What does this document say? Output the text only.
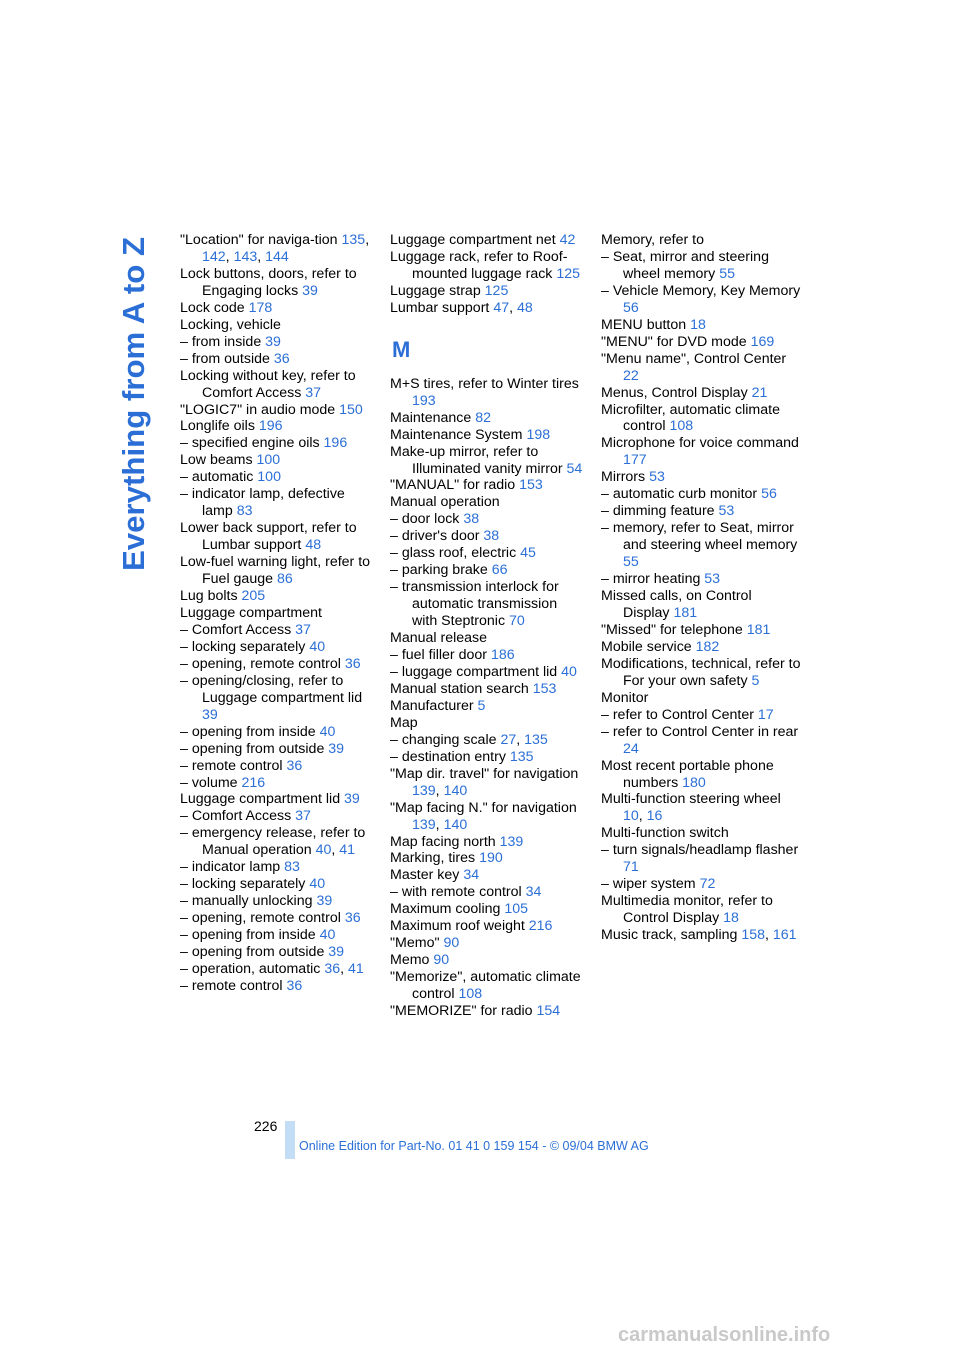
Everything from A to Z "Location" for naviga-tion 135, 142, 143, 144
Lock buttons, doors, refer to Engaging locks 39
Lock code 178
Locking, vehicle
– from inside 39
– from outside 36
Locking without key, refer to Comfort Access 37
"LOGIC7" in audio mode 150
Longlife oils 196
– specified engine oils 196
Low beams 100
– automatic 100
– indicator lamp, defective lamp 83
Lower back support, refer to Lumbar support 48
Low-fuel warning light, refer to Fuel gauge 86
Lug bolts 205
Luggage compartment
– Comfort Access 37
– locking separately 40
– opening, remote control 36
– opening/closing, refer to Luggage compartment lid 39
– opening from inside 40
– opening from outside 39
– remote control 36
– volume 216
Luggage compartment lid 39
– Comfort Access 37
– emergency release, refer to Manual operation 40, 41
– indicator lamp 83
– locking separately 40
– manually unlocking 39
– opening, remote control 36
– opening from inside 40
– opening from outside 39
– operation, automatic 36, 41
– remote control 36
Luggage compartment net 42
Luggage rack, refer to Roof-mounted luggage rack 125
Luggage strap 125
Lumbar support 47, 48
M
M+S tires, refer to Winter tires 193
Maintenance 82
Maintenance System 198
Make-up mirror, refer to Illuminated vanity mirror 54
"MANUAL" for radio 153
Manual operation
– door lock 38
– driver's door 38
– glass roof, electric 45
– parking brake 66
– transmission interlock for automatic transmission with Steptronic 70
Manual release
– fuel filler door 186
– luggage compartment lid 40
Manual station search 153
Manufacturer 5
Map
– changing scale 27, 135
– destination entry 135
"Map dir. travel" for navigation 139, 140
"Map facing N." for navigation 139, 140
Map facing north 139
Marking, tires 190
Master key 34
– with remote control 34
Maximum cooling 105
Maximum roof weight 216
"Memo" 90
Memo 90
"Memorize", automatic climate control 108
"MEMORIZE" for radio 154
Memory, refer to
– Seat, mirror and steering wheel memory 55
– Vehicle Memory, Key Memory 56
MENU button 18
"MENU" for DVD mode 169
"Menu name", Control Center 22
Menus, Control Display 21
Microfilter, automatic climate control 108
Microphone for voice command 177
Mirrors 53
– automatic curb monitor 56
– dimming feature 53
– memory, refer to Seat, mirror and steering wheel memory 55
– mirror heating 53
Missed calls, on Control Display 181
"Missed" for telephone 181
Mobile service 182
Modifications, technical, refer to For your own safety 5
Monitor
– refer to Control Center 17
– refer to Control Center in rear 24
Most recent portable phone numbers 180
Multi-function steering wheel 10, 16
Multi-function switch
– turn signals/headlamp flasher 71
– wiper system 72
Multimedia monitor, refer to Control Display 18
Music track, sampling 158, 161
226
Online Edition for Part-No. 01 41 0 159 154 - © 09/04 BMW AG
carmanualsonline.info
